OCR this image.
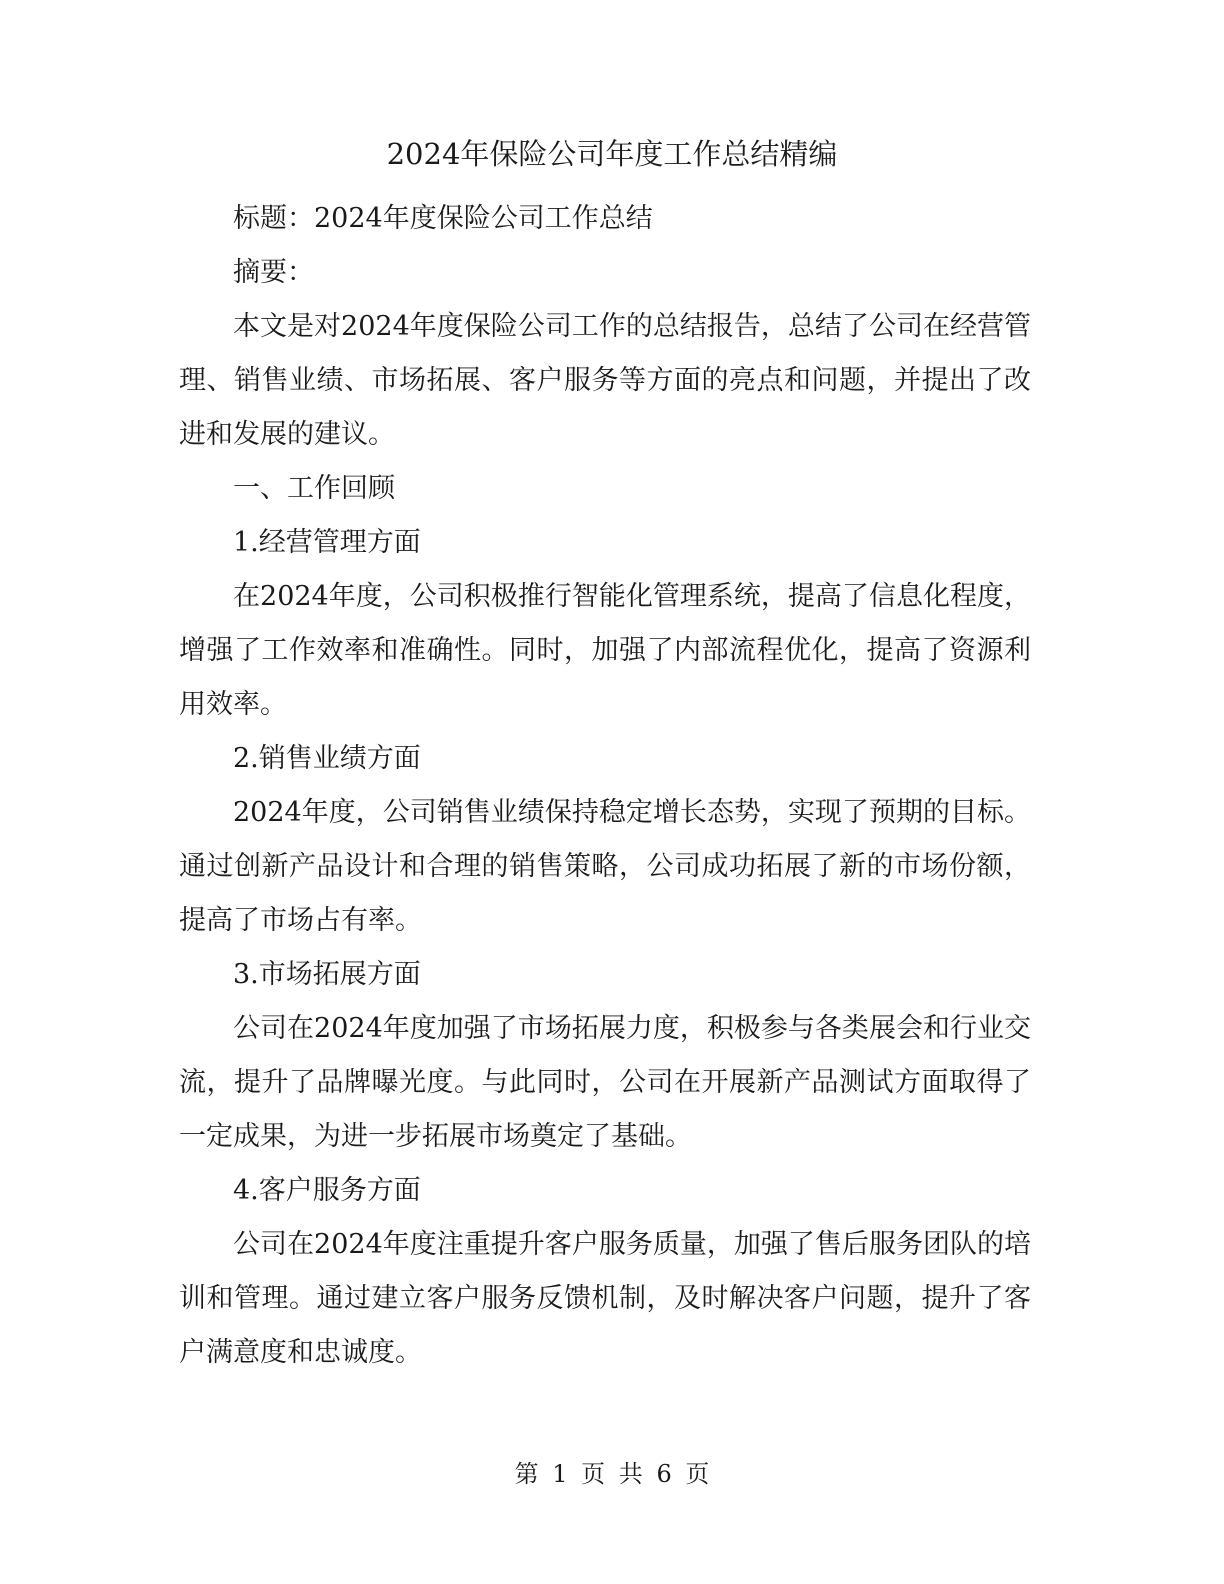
2024年保险公司年度工作总结精编

标题：2024年度保险公司工作总结

摘要：

本文是对2024年度保险公司工作的总结报告，总结了公司在经营管理、销售业绩、市场拓展、客户服务等方面的亮点和问题，并提出了改进和发展的建议。

一、工作回顾

1.经营管理方面

在2024年度，公司积极推行智能化管理系统，提高了信息化程度，增强了工作效率和准确性。同时，加强了内部流程优化，提高了资源利用效率。

2.销售业绩方面

2024年度，公司销售业绩保持稳定增长态势，实现了预期的目标。通过创新产品设计和合理的销售策略，公司成功拓展了新的市场份额，提高了市场占有率。

3.市场拓展方面

公司在2024年度加强了市场拓展力度，积极参与各类展会和行业交流，提升了品牌曝光度。与此同时，公司在开展新产品测试方面取得了一定成果，为进一步拓展市场奠定了基础。

4.客户服务方面

公司在2024年度注重提升客户服务质量，加强了售后服务团队的培训和管理。通过建立客户服务反馈机制，及时解决客户问题，提升了客户满意度和忠诚度。

第 1 页 共 6 页
